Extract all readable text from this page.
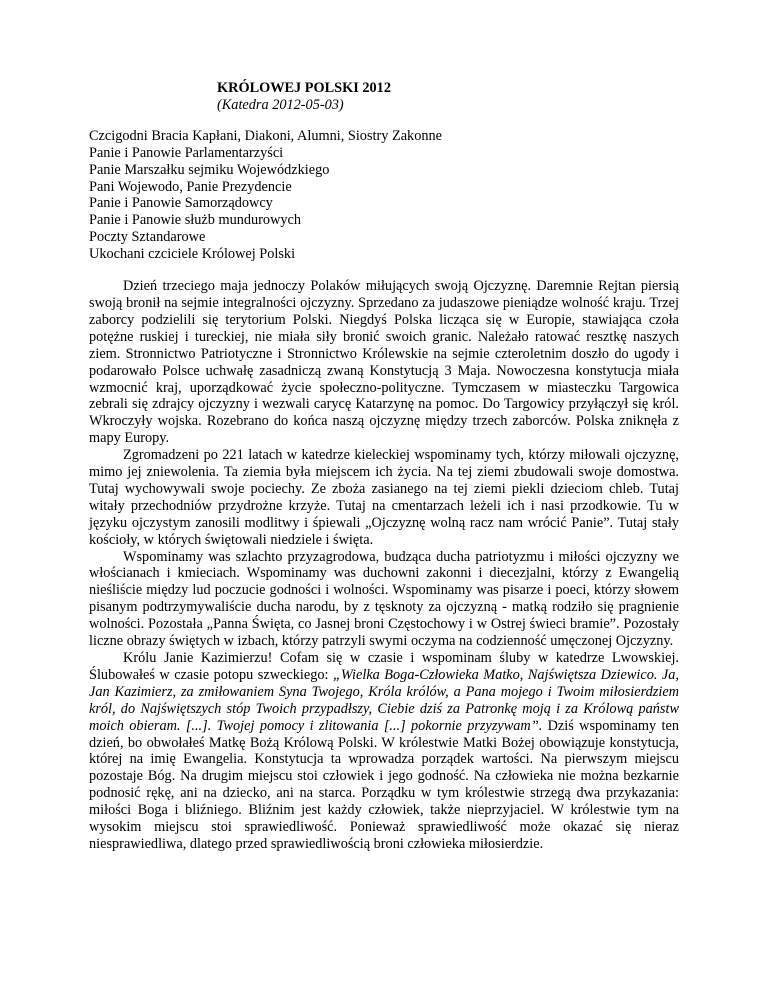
KRÓLOWEJ POLSKI 2012
(Katedra 2012-05-03)
Czcigodni Bracia Kapłani, Diakoni, Alumni, Siostry Zakonne
Panie i Panowie Parlamentarzyści
Panie Marszałku sejmiku Wojewódzkiego
Pani Wojewodo, Panie Prezydencie
Panie i Panowie Samorządowcy
Panie i Panowie służb mundurowych
Poczty Sztandarowe
Ukochani czciciele Królowej Polski
Dzień trzeciego maja jednoczy Polaków miłujących swoją Ojczyznę. Daremnie Rejtan piersią swoją bronił na sejmie integralności ojczyzny. Sprzedano za judaszowe pieniądze wolność kraju. Trzej zaborcy podzielili się terytorium Polski. Niegdyś Polska licząca się w Europie, stawiająca czoła potężne ruskiej i tureckiej, nie miała siły bronić swoich granic. Należało ratować resztkę naszych ziem. Stronnictwo Patriotyczne i Stronnictwo Królewskie na sejmie czteroletnim doszło do ugody i podarowało Polsce uchwałę zasadniczą zwaną Konstytucją 3 Maja. Nowoczesna konstytucja miała wzmocnić kraj, uporządkować życie społeczno-polityczne. Tymczasem w miasteczku Targowica zebrali się zdrajcy ojczyzny i wezwali carycę Katarzynę na pomoc. Do Targowicy przyłączył się król. Wkroczyły wojska. Rozebrano do końca naszą ojczyznę między trzech zaborców. Polska zniknęła z mapy Europy.
Zgromadzeni po 221 latach w katedrze kieleckiej wspominamy tych, którzy miłowali ojczyznę, mimo jej zniewolenia. Ta ziemia była miejscem ich życia. Na tej ziemi zbudowali swoje domostwa. Tutaj wychowywali swoje pociechy. Ze zboża zasianego na tej ziemi piekli dzieciom chleb. Tutaj witały przechodniów przydrożne krzyże. Tutaj na cmentarzach leżeli ich i nasi przodkowie. Tu w języku ojczystym zanosili modlitwy i śpiewali „Ojczyznę wolną racz nam wrócić Panie”. Tutaj stały kościoły, w których świętowali niedziele i święta.
Wspominamy was szlachto przyzagrodowa, budząca ducha patriotyzmu i miłości ojczyzny we włościanach i kmieciach. Wspominamy was duchowni zakonni i diecezjalni, którzy z Ewangelią nieśliście między lud poczucie godności i wolności. Wspominamy was pisarze i poeci, którzy słowem pisanym podtrzymywaliście ducha narodu, by z tęsknoty za ojczyzną - matką rodziło się pragnienie wolności. Pozostała „Panna Święta, co Jasnej broni Częstochowy i w Ostrej świeci bramie”. Pozostały liczne obrazy świętych w izbach, którzy patrzyli swymi oczyma na codzienność umęczonej Ojczyzny.
Królu Janie Kazimierzu! Cofam się w czasie i wspominam śluby w katedrze Lwowskiej. Ślubowałeś w czasie potopu szweckiego: „Wielka Boga-Człowieka Matko, Najświętsza Dziewico. Ja, Jan Kazimierz, za zmiłowaniem Syna Twojego, Króla królów, a Pana mojego i Twoim miłosierdziem król, do Najświętszych stóp Twoich przypadłszy, Ciebie dziś za Patronkę moją i za Królową państw moich obieram. [...]. Twojej pomocy i zlitowania [...] pokornie przyzywam”. Dziś wspominamy ten dzień, bo obwołałeś Matkę Bożą Królową Polski. W królestwie Matki Bożej obowiązuje konstytucja, której na imię Ewangelia. Konstytucja ta wprowadza porządek wartości. Na pierwszym miejscu pozostaje Bóg. Na drugim miejscu stoi człowiek i jego godność. Na człowieka nie można bezkarnie podnosić rękę, ani na dziecko, ani na starca. Porządku w tym królestwie strzegą dwa przykazania: miłości Boga i bliźniego. Bliźnim jest każdy człowiek, także nieprzyjaciel. W królestwie tym na wysokim miejscu stoi sprawiedliwość. Ponieważ sprawiedliwość może okazać się nieraz niesprawiedliwa, dlatego przed sprawiedliwością broni człowieka miłosierdzie.
